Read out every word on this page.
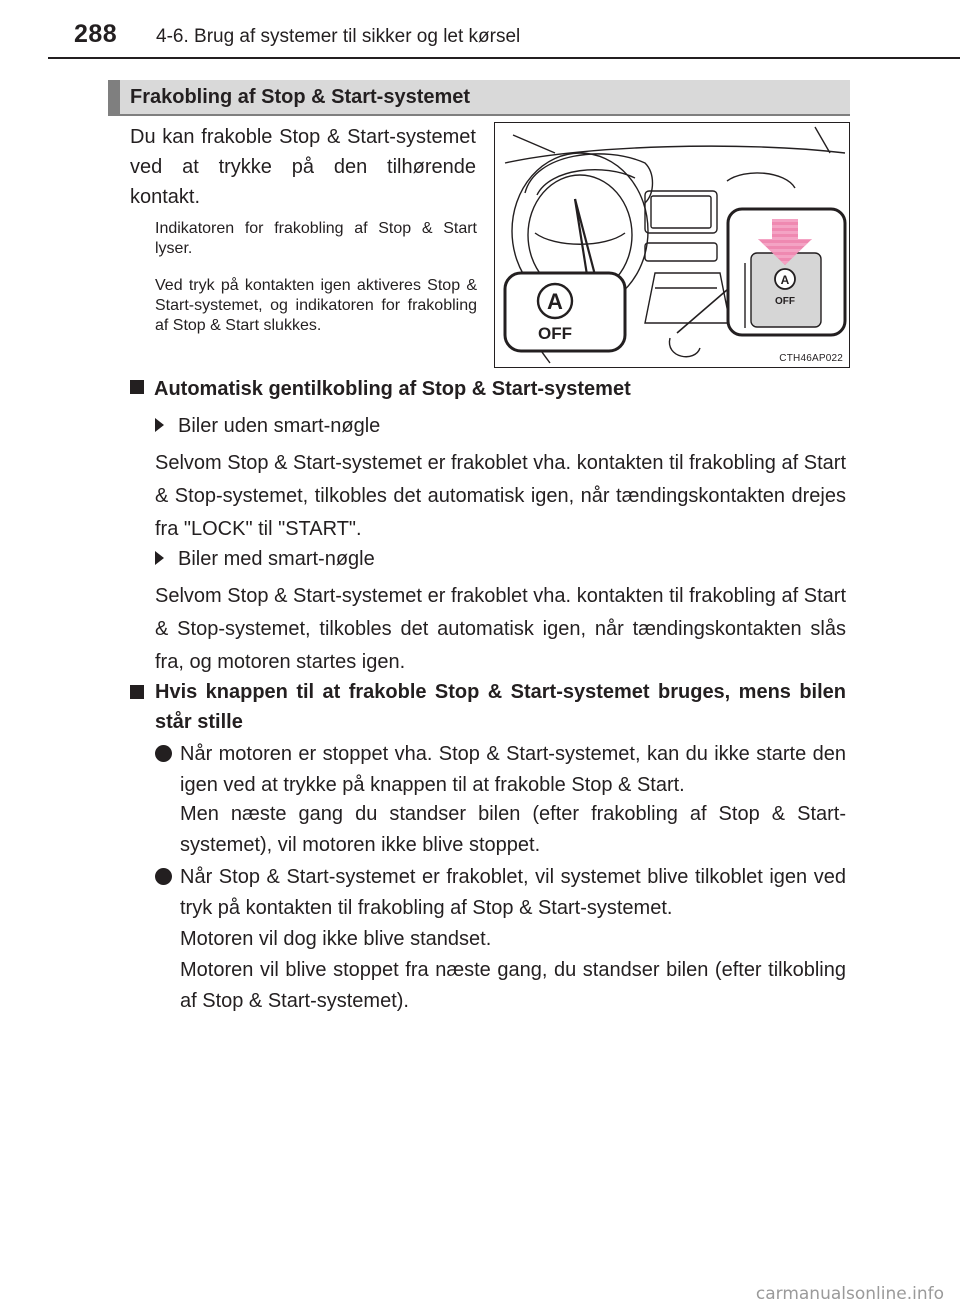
288 4-6. Brug af systemer til sikker og let kørsel
Frakobling af Stop & Start-systemet
Du kan frakoble Stop & Start-systemet ved at trykke på den tilhørende kontakt.
Indikatoren for frakobling af Stop & Start lyser.
Ved tryk på kontakten igen aktiveres Stop & Start-systemet, og indikatoren for frakobling af Stop & Start slukkes.
A
OFF
A
OFF
CTH46AP022
Automatisk gentilkobling af Stop & Start-systemet
Biler uden smart-nøgle
Selvom Stop & Start-systemet er frakoblet vha. kontakten til frakobling af Start & Stop-systemet, tilkobles det automatisk igen, når tændingskontakten drejes fra "LOCK" til "START".
Biler med smart-nøgle
Selvom Stop & Start-systemet er frakoblet vha. kontakten til frakobling af Start & Stop-systemet, tilkobles det automatisk igen, når tændingskontakten slås fra, og motoren startes igen.
Hvis knappen til at frakoble Stop & Start-systemet bruges, mens bilen står stille
Når motoren er stoppet vha. Stop & Start-systemet, kan du ikke starte den igen ved at trykke på knappen til at frakoble Stop & Start.
Men næste gang du standser bilen (efter frakobling af Stop & Start-systemet), vil motoren ikke blive stoppet.
Når Stop & Start-systemet er frakoblet, vil systemet blive tilkoblet igen ved tryk på kontakten til frakobling af Stop & Start-systemet.
Motoren vil dog ikke blive standset.
Motoren vil blive stoppet fra næste gang, du standser bilen (efter tilkobling af Stop & Start-systemet).
carmanualsonline.info
